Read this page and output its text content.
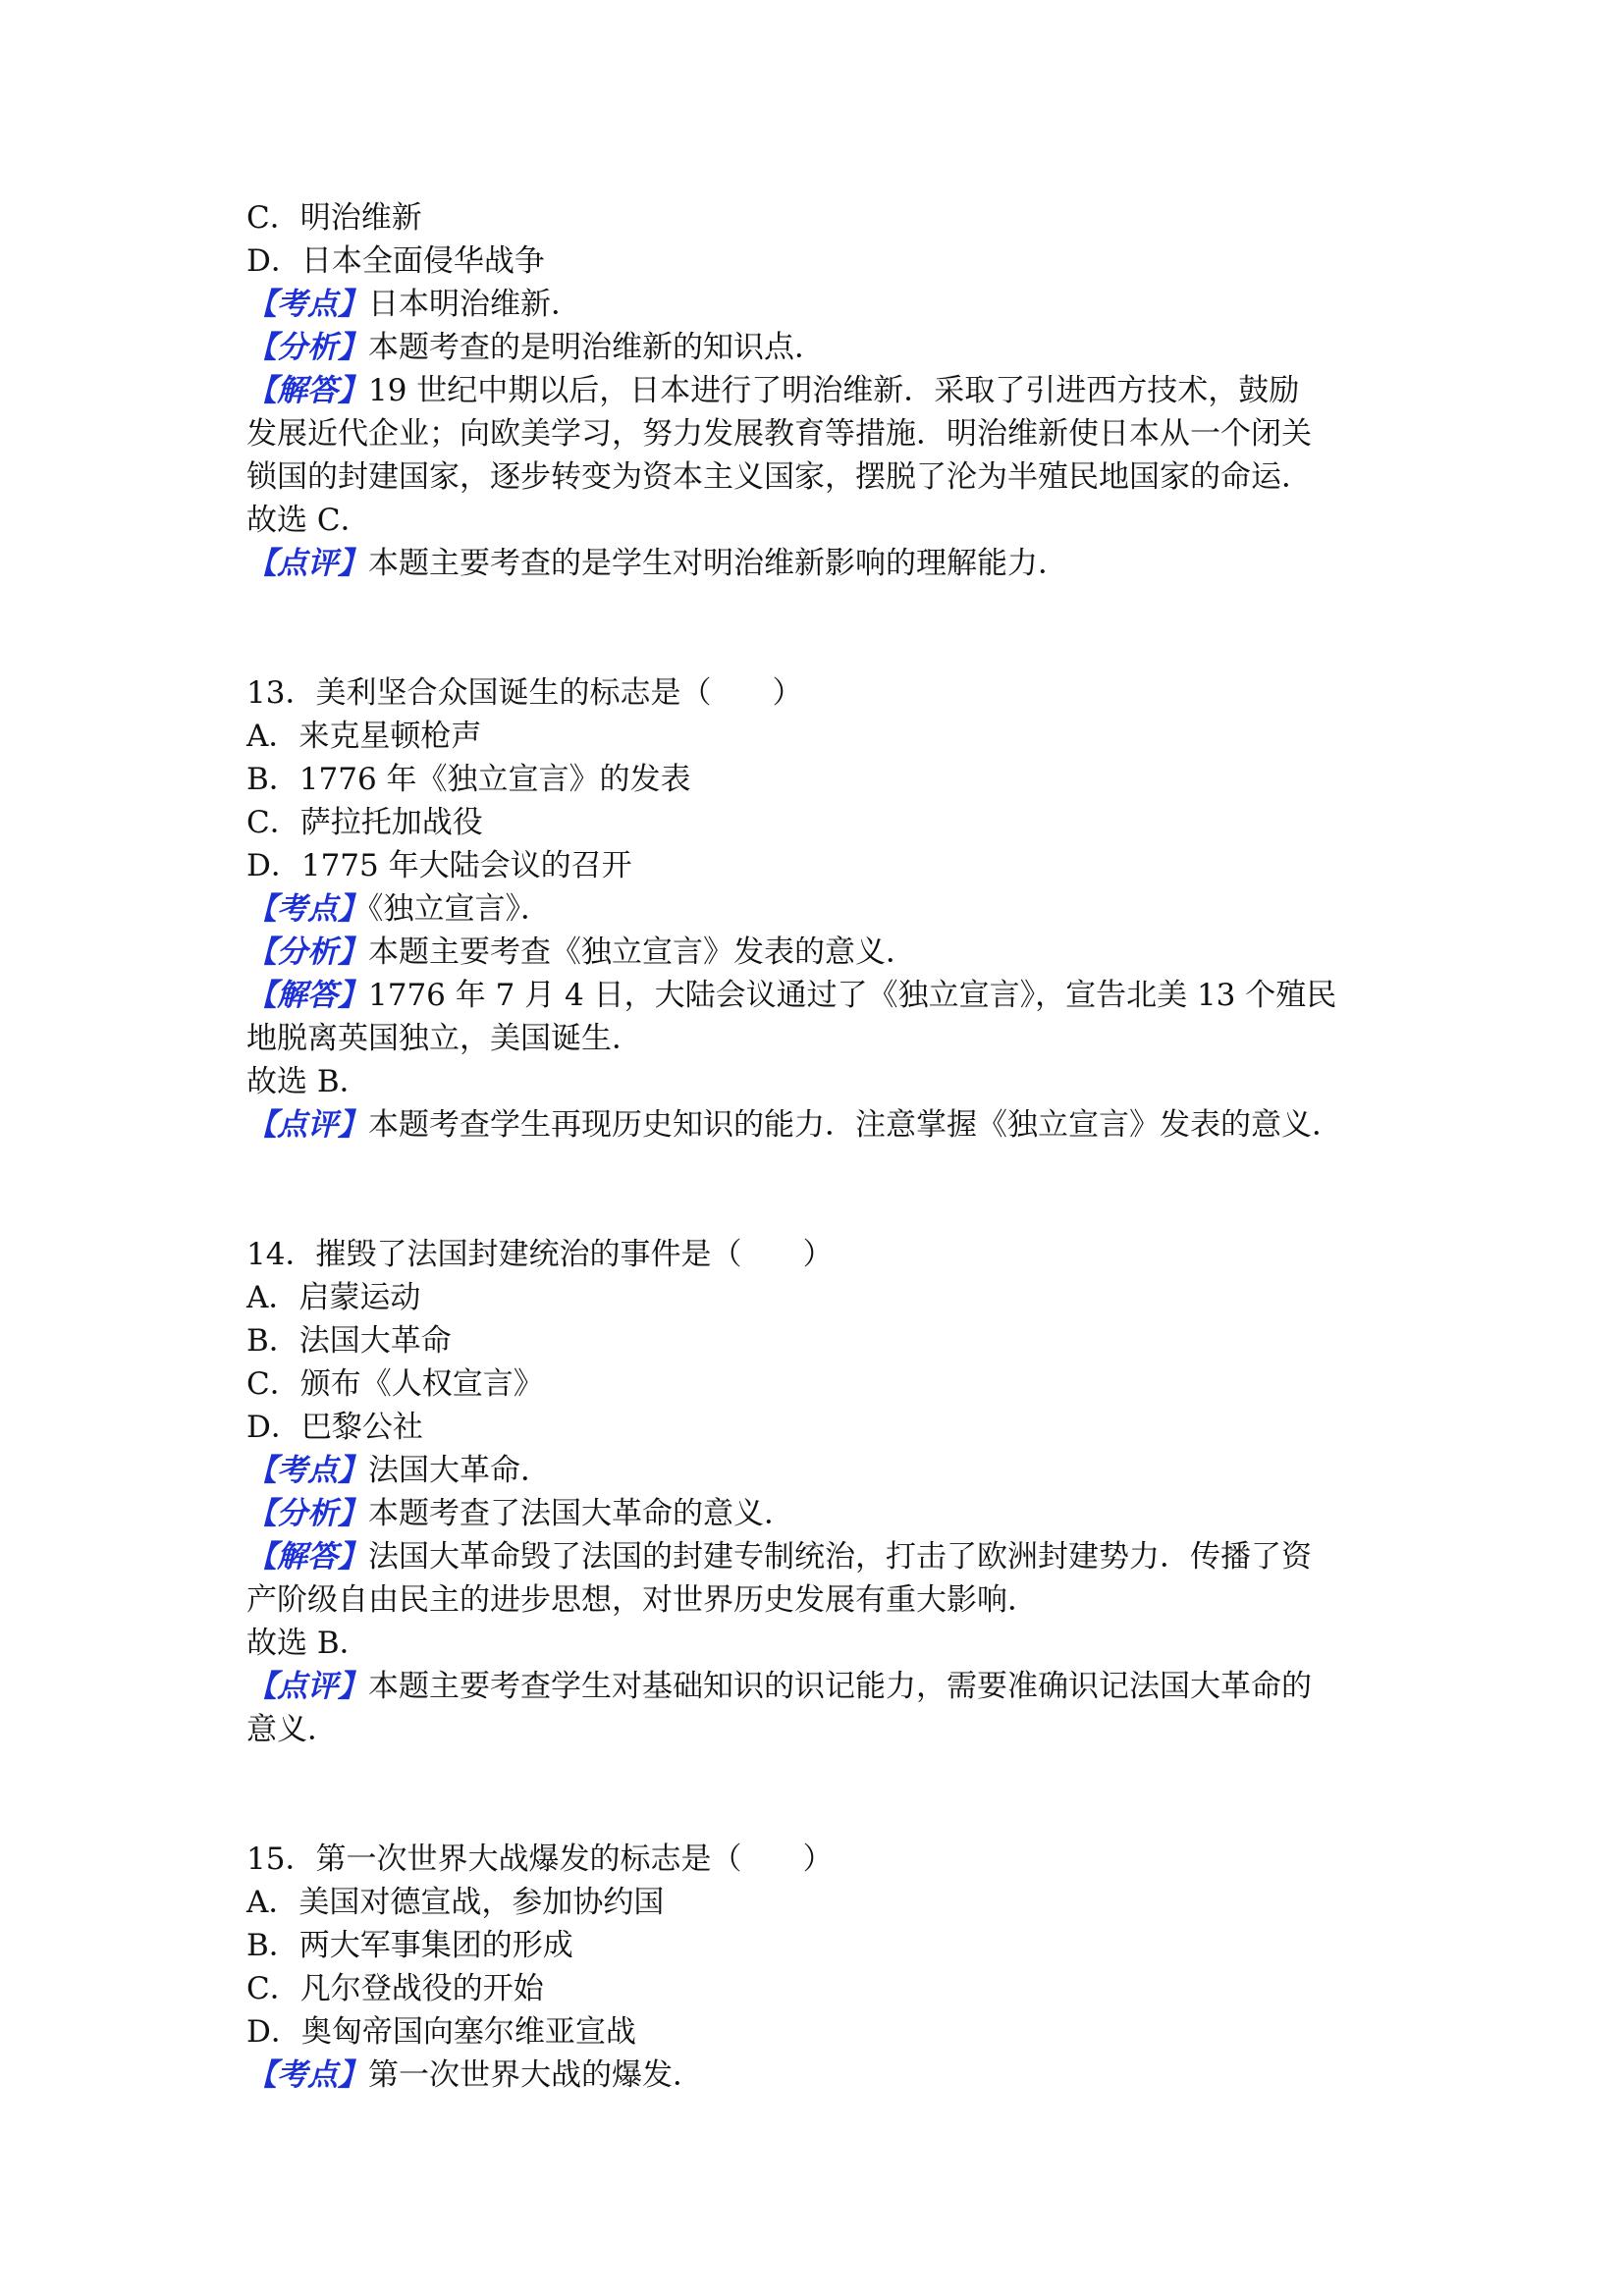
C．明治维新
D．日本全面侵华战争
【考点】日本明治维新．
【分析】本题考查的是明治维新的知识点．
【解答】19 世纪中期以后，日本进行了明治维新．采取了引进西方技术，鼓励
发展近代企业；向欧美学习，努力发展教育等措施．明治维新使日本从一个闭关
锁国的封建国家，逐步转变为资本主义国家，摆脱了沦为半殖民地国家的命运．
故选 C．
【点评】本题主要考查的是学生对明治维新影响的理解能力．
13．美利坚合众国诞生的标志是（　　）
A．来克星顿枪声
B．1776 年《独立宣言》的发表
C．萨拉托加战役
D．1775 年大陆会议的召开
【考点】《独立宣言》．
【分析】本题主要考查《独立宣言》发表的意义．
【解答】1776 年 7 月 4 日，大陆会议通过了《独立宣言》，宣告北美 13 个殖民
地脱离英国独立，美国诞生．
故选 B．
【点评】本题考查学生再现历史知识的能力．注意掌握《独立宣言》发表的意义．
14．摧毁了法国封建统治的事件是（　　）
A．启蒙运动
B．法国大革命
C．颁布《人权宣言》
D．巴黎公社
【考点】法国大革命．
【分析】本题考查了法国大革命的意义．
【解答】法国大革命毁了法国的封建专制统治，打击了欧洲封建势力．传播了资
产阶级自由民主的进步思想，对世界历史发展有重大影响．
故选 B．
【点评】本题主要考查学生对基础知识的识记能力，需要准确识记法国大革命的
意义．
15．第一次世界大战爆发的标志是（　　）
A．美国对德宣战，参加协约国
B．两大军事集团的形成
C．凡尔登战役的开始
D．奥匈帝国向塞尔维亚宣战
【考点】第一次世界大战的爆发．
